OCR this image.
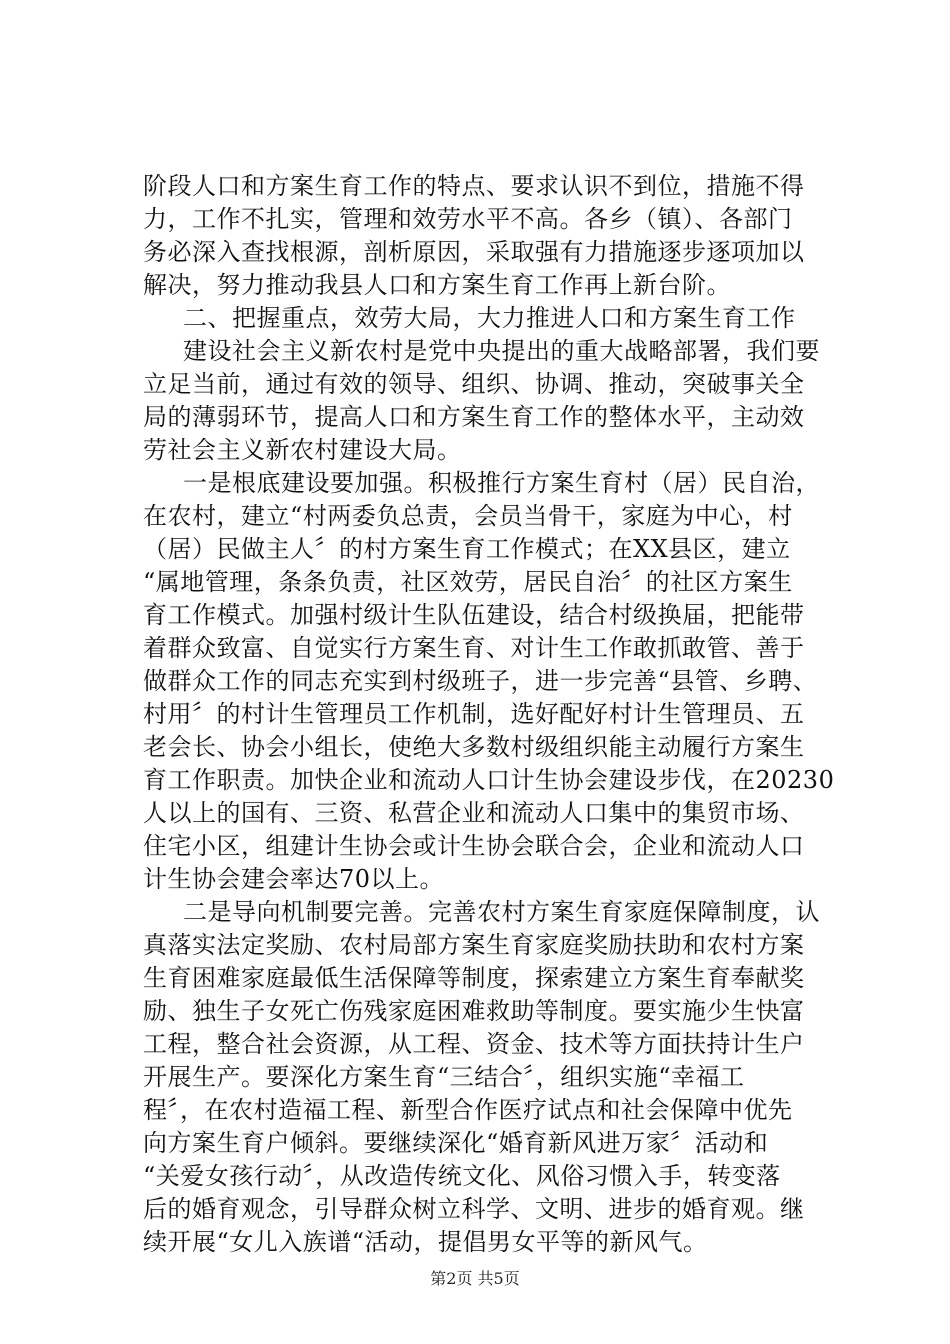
阶段人口和方案生育工作的特点、要求认识不到位，措施不得
力，工作不扎实，管理和效劳水平不高。各乡（镇）、各部门
务必深入查找根源，剖析原因，采取强有力措施逐步逐项加以
解决，努力推动我县人口和方案生育工作再上新台阶。
二、把握重点，效劳大局，大力推进人口和方案生育工作
建设社会主义新农村是党中央提出的重大战略部署，我们要
立足当前，通过有效的领导、组织、协调、推动，突破事关全
局的薄弱环节，提高人口和方案生育工作的整体水平，主动效
劳社会主义新农村建设大局。
一是根底建设要加强。积极推行方案生育村（居）民自治，
在农村，建立“村两委负总责，会员当骨干，家庭为中心，村
（居）民做主人〞的村方案生育工作模式；在XX县区，建立
“属地管理，条条负责，社区效劳，居民自治〞的社区方案生
育工作模式。加强村级计生队伍建设，结合村级换届，把能带
着群众致富、自觉实行方案生育、对计生工作敢抓敢管、善于
做群众工作的同志充实到村级班子，进一步完善“县管、乡聘、
村用〞的村计生管理员工作机制，选好配好村计生管理员、五
老会长、协会小组长，使绝大多数村级组织能主动履行方案生
育工作职责。加快企业和流动人口计生协会建设步伐，在20230
人以上的国有、三资、私营企业和流动人口集中的集贸市场、
住宅小区，组建计生协会或计生协会联合会，企业和流动人口
计生协会建会率达70以上。
二是导向机制要完善。完善农村方案生育家庭保障制度，认
真落实法定奖励、农村局部方案生育家庭奖励扶助和农村方案
生育困难家庭最低生活保障等制度，探索建立方案生育奉献奖
励、独生子女死亡伤残家庭困难救助等制度。要实施少生快富
工程，整合社会资源，从工程、资金、技术等方面扶持计生户
开展生产。要深化方案生育“三结合〞，组织实施“幸福工
程〞，在农村造福工程、新型合作医疗试点和社会保障中优先
向方案生育户倾斜。要继续深化“婚育新风进万家〞活动和
“关爱女孩行动〞，从改造传统文化、风俗习惯入手，转变落
后的婚育观念，引导群众树立科学、文明、进步的婚育观。继
续开展“女儿入族谱“活动，提倡男女平等的新风气。
第2页 共5页
